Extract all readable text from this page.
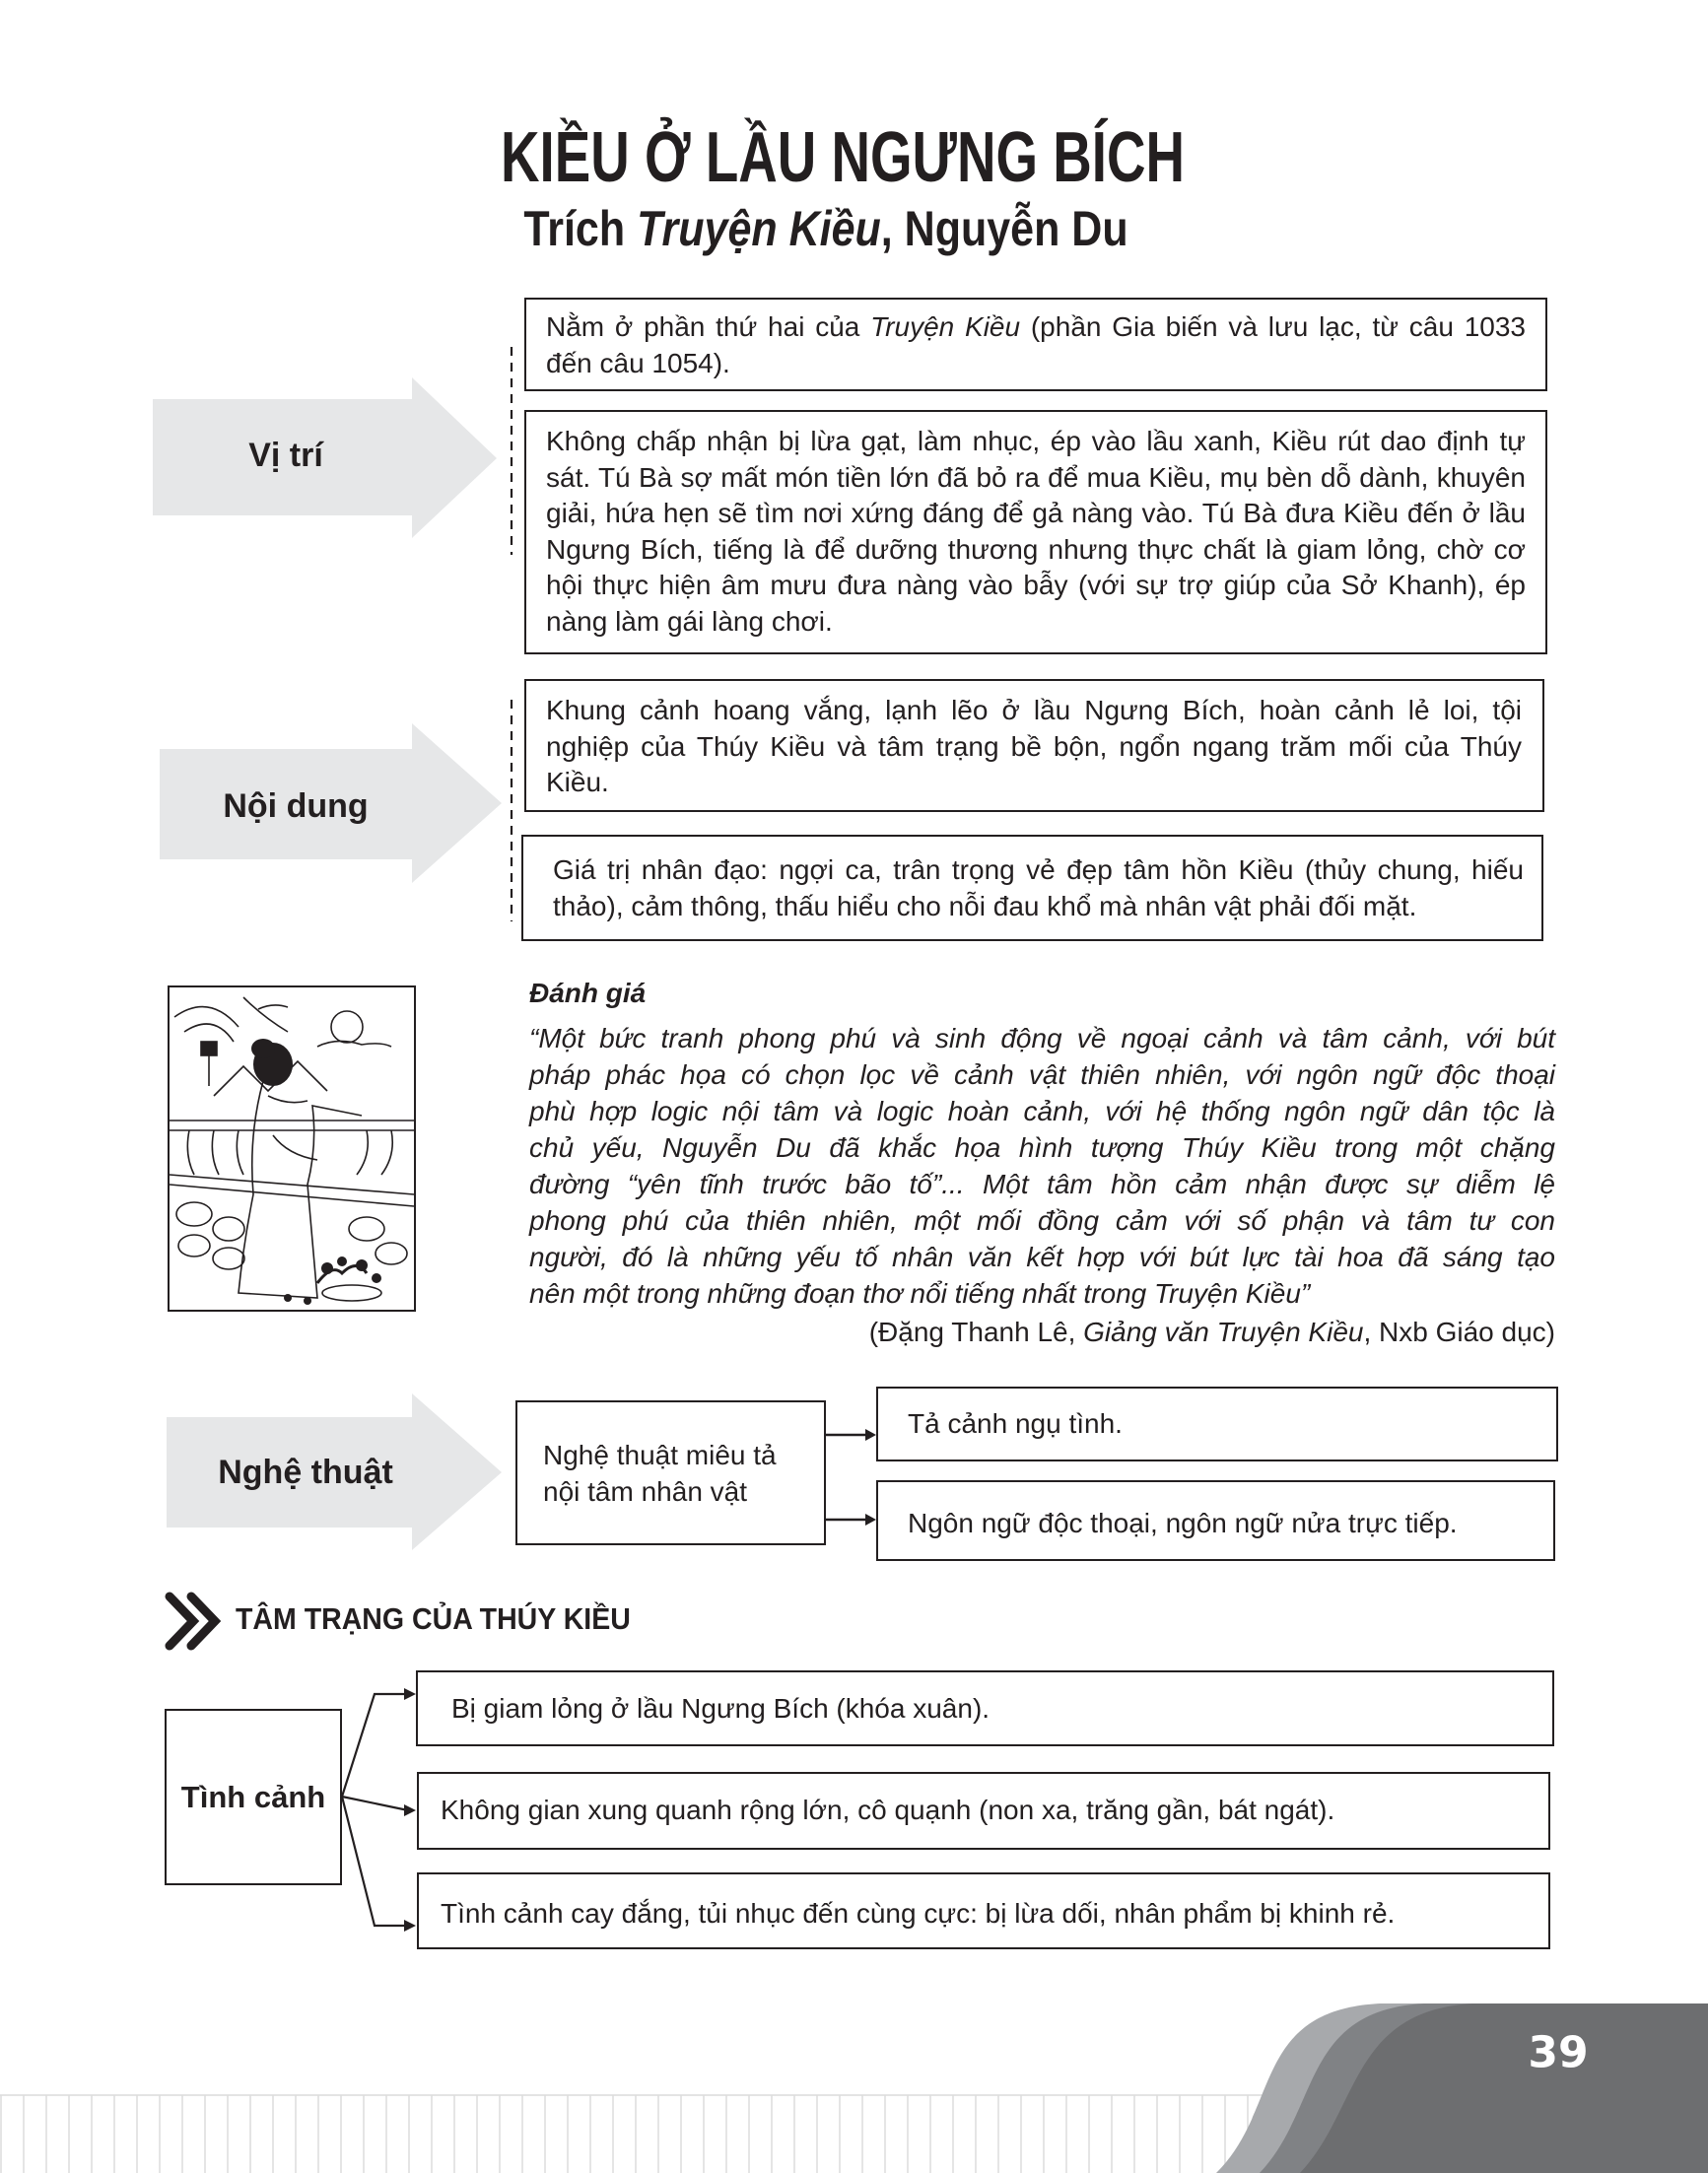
KIỀU Ở LẦU NGƯNG BÍCH
Trích Truyện Kiều, Nguyễn Du
Vị trí
Nằm ở phần thứ hai của Truyện Kiều (phần Gia biến và lưu lạc, từ câu 1033 đến câu 1054).
Không chấp nhận bị lừa gạt, làm nhục, ép vào lầu xanh, Kiều rút dao định tự sát. Tú Bà sợ mất món tiền lớn đã bỏ ra để mua Kiều, mụ bèn dỗ dành, khuyên giải, hứa hẹn sẽ tìm nơi xứng đáng để gả nàng vào. Tú Bà đưa Kiều đến ở lầu Ngưng Bích, tiếng là để dưỡng thương nhưng thực chất là giam lỏng, chờ cơ hội thực hiện âm mưu đưa nàng vào bẫy (với sự trợ giúp của Sở Khanh), ép nàng làm gái làng chơi.
Nội dung
Khung cảnh hoang vắng, lạnh lẽo ở lầu Ngưng Bích, hoàn cảnh lẻ loi, tội nghiệp của Thúy Kiều và tâm trạng bề bộn, ngổn ngang trăm mối của Thúy Kiều.
Giá trị nhân đạo: ngợi ca, trân trọng vẻ đẹp tâm hồn Kiều (thủy chung, hiếu thảo), cảm thông, thấu hiểu cho nỗi đau khổ mà nhân vật phải đối mặt.
Đánh giá
“Một bức tranh phong phú và sinh động về ngoại cảnh và tâm cảnh, với bút
pháp phác họa có chọn lọc về cảnh vật thiên nhiên, với ngôn ngữ độc thoại
phù hợp logic nội tâm và logic hoàn cảnh, với hệ thống ngôn ngữ dân tộc là
chủ yếu, Nguyễn Du đã khắc họa hình tượng Thúy Kiều trong một chặng
đường “yên tĩnh trước bão tố”... Một tâm hồn cảm nhận được sự diễm lệ
phong phú của thiên nhiên, một mối đồng cảm với số phận và tâm tư con
người, đó là những yếu tố nhân văn kết hợp với bút lực tài hoa đã sáng tạo
nên một trong những đoạn thơ nổi tiếng nhất trong Truyện Kiều”
(Đặng Thanh Lê, Giảng văn Truyện Kiều, Nxb Giáo dục)
Nghệ thuật	Nghệ thuật miêu tả nội tâm nhân vật
Tả cảnh ngụ tình.
Ngôn ngữ độc thoại, ngôn ngữ nửa trực tiếp.
TÂM TRẠNG CỦA THÚY KIỀU
Tình cảnh
Bị giam lỏng ở lầu Ngưng Bích (khóa xuân).
Không gian xung quanh rộng lớn, cô quạnh (non xa, trăng gần, bát ngát).
Tình cảnh cay đắng, tủi nhục đến cùng cực: bị lừa dối, nhân phẩm bị khinh rẻ.
39
